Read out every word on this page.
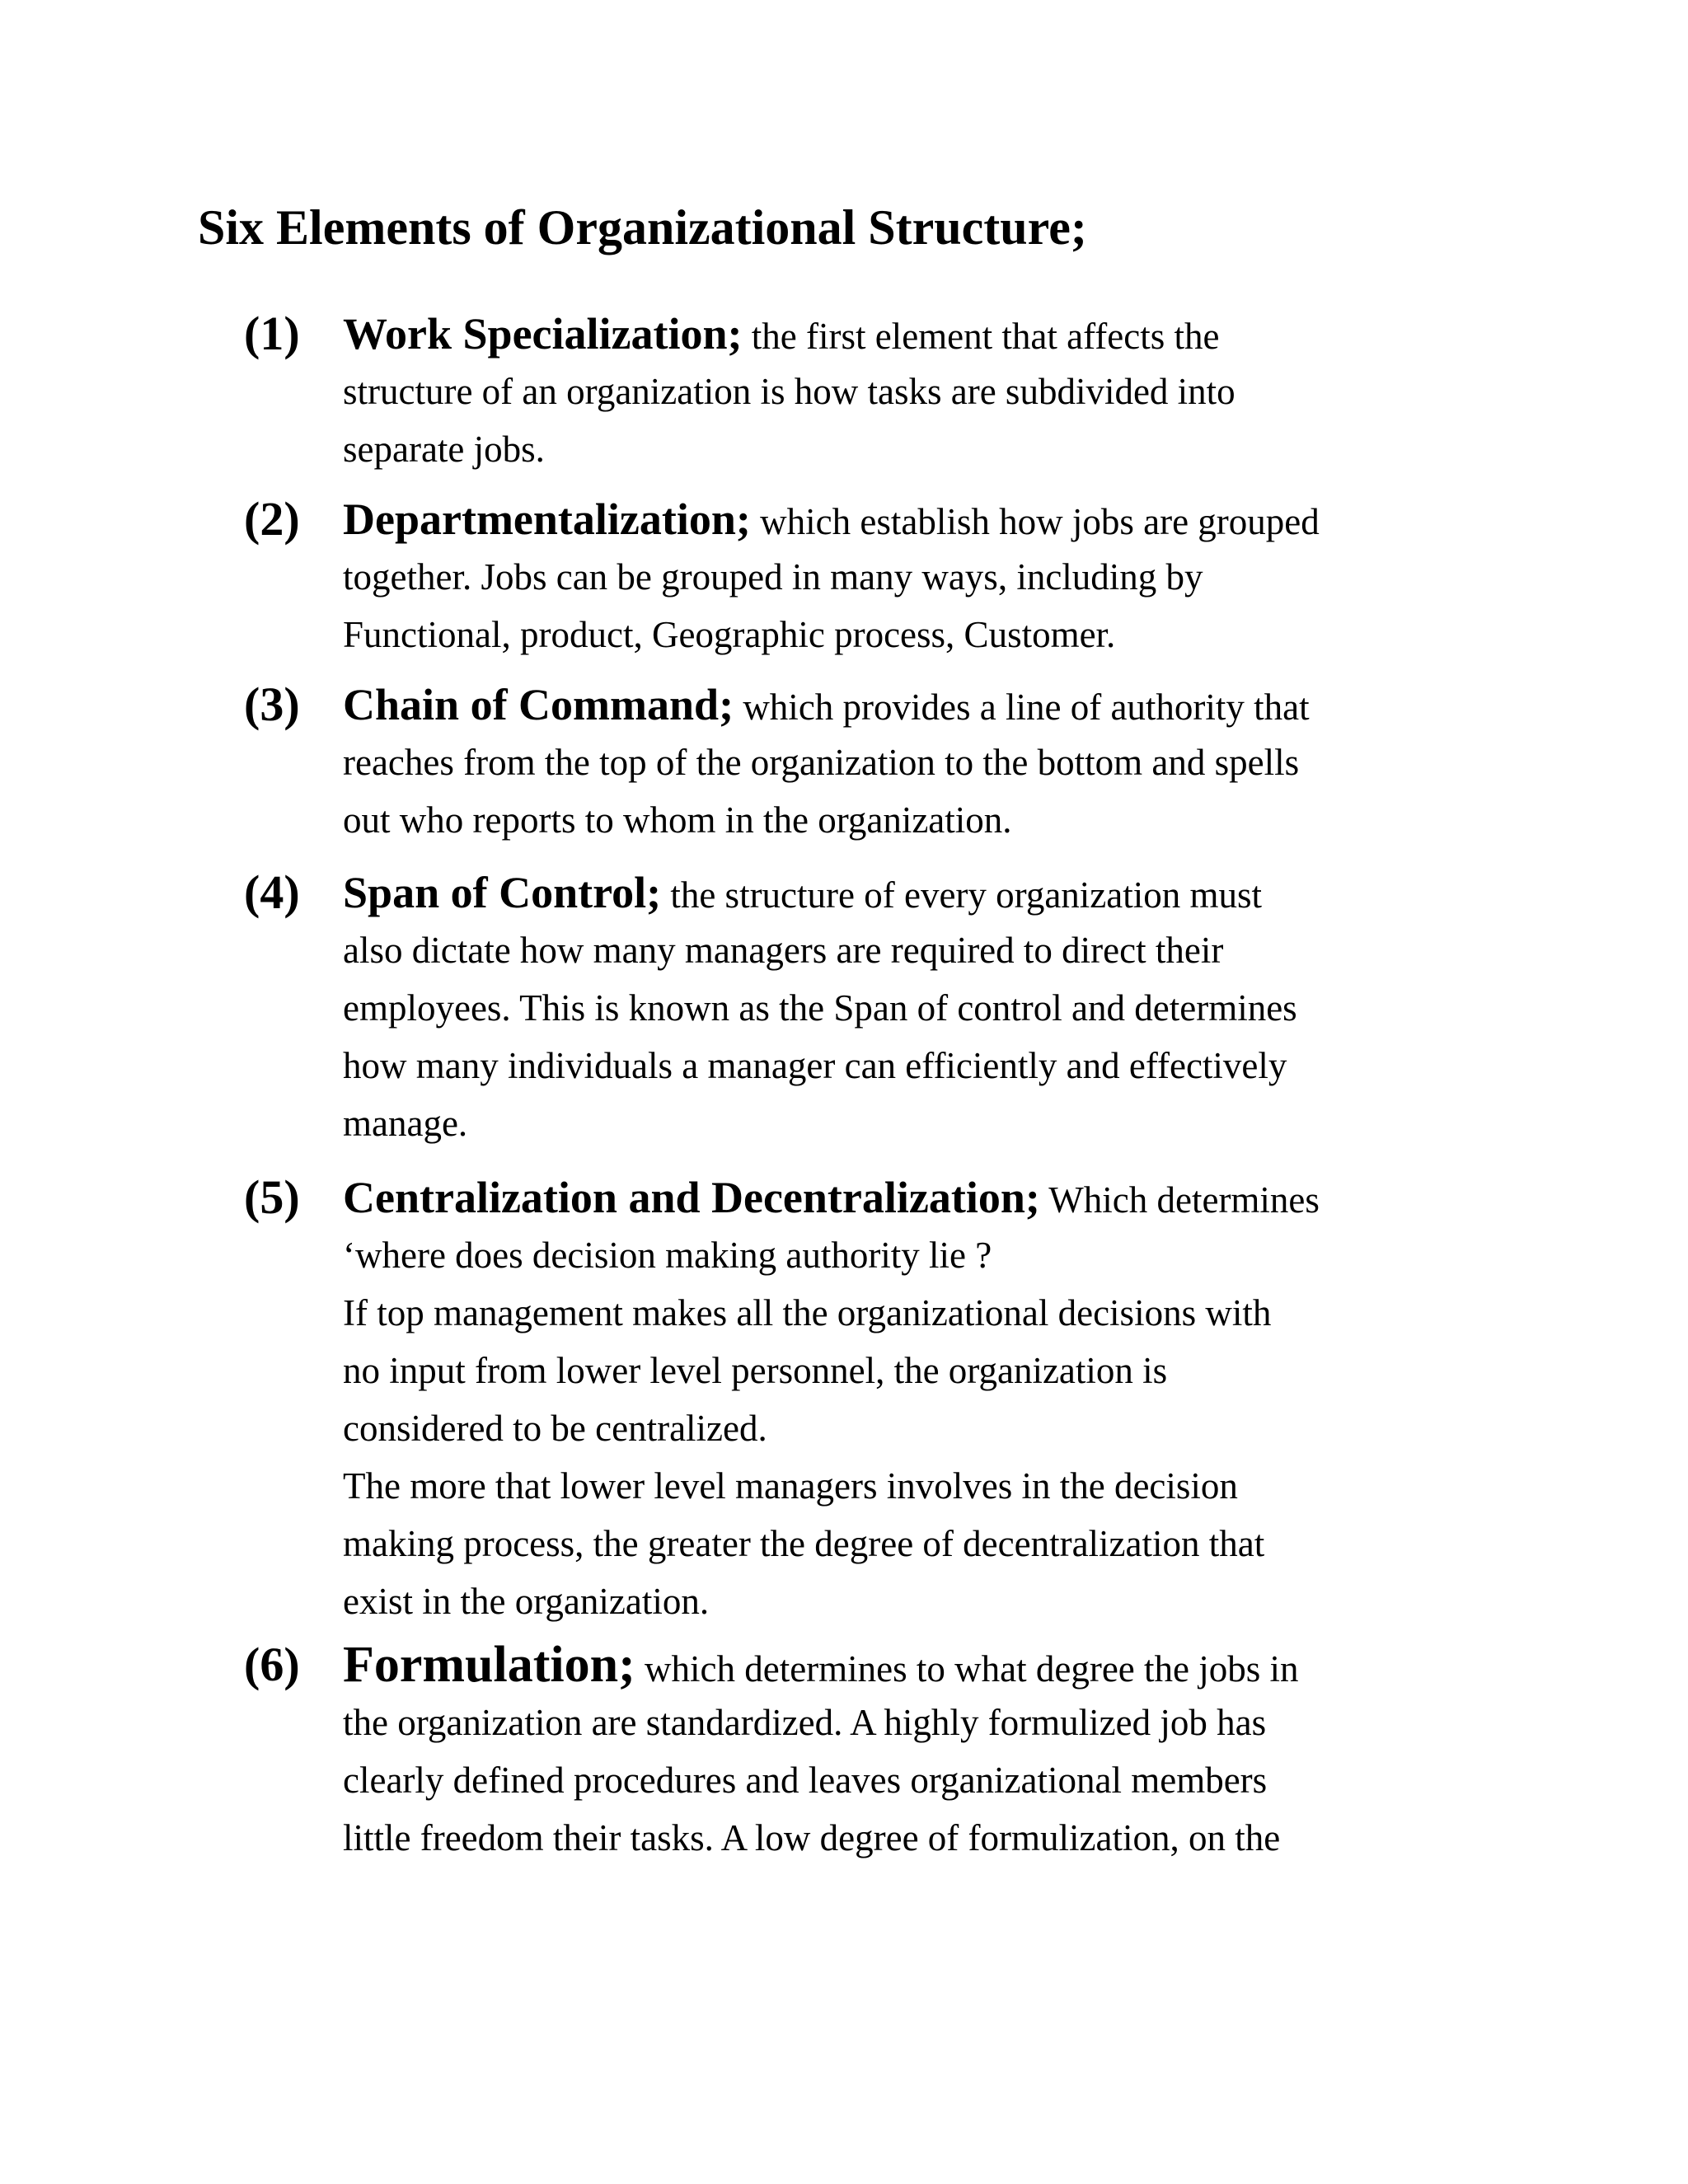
Six Elements of Organizational Structure;
(1) Work Specialization; the first element that affects the
structure of an organization is how tasks are subdivided into
separate jobs.
(2) Departmentalization; which establish how jobs are grouped
together. Jobs can be grouped in many ways, including by
Functional, product, Geographic process, Customer.
(3) Chain of Command; which provides a line of authority that
reaches from the top of the organization to the bottom and spells
out who reports to whom in the organization.
(4) Span of Control; the structure of every organization must
also dictate how many managers are required to direct their
employees. This is known as the Span of control and determines
how many individuals a manager can efficiently and effectively
manage.
(5) Centralization and Decentralization; Which determines
‘where does decision making authority lie ?
If top management makes all the organizational decisions with
no input from lower level personnel, the organization is
considered to be centralized.
The more that lower level managers involves in the decision
making process, the greater the degree of decentralization that
exist in the organization.
(6) Formulation; which determines to what degree the jobs in
the organization are standardized. A highly formulized job has
clearly defined procedures and leaves organizational members
little freedom their tasks. A low degree of formulization, on the
